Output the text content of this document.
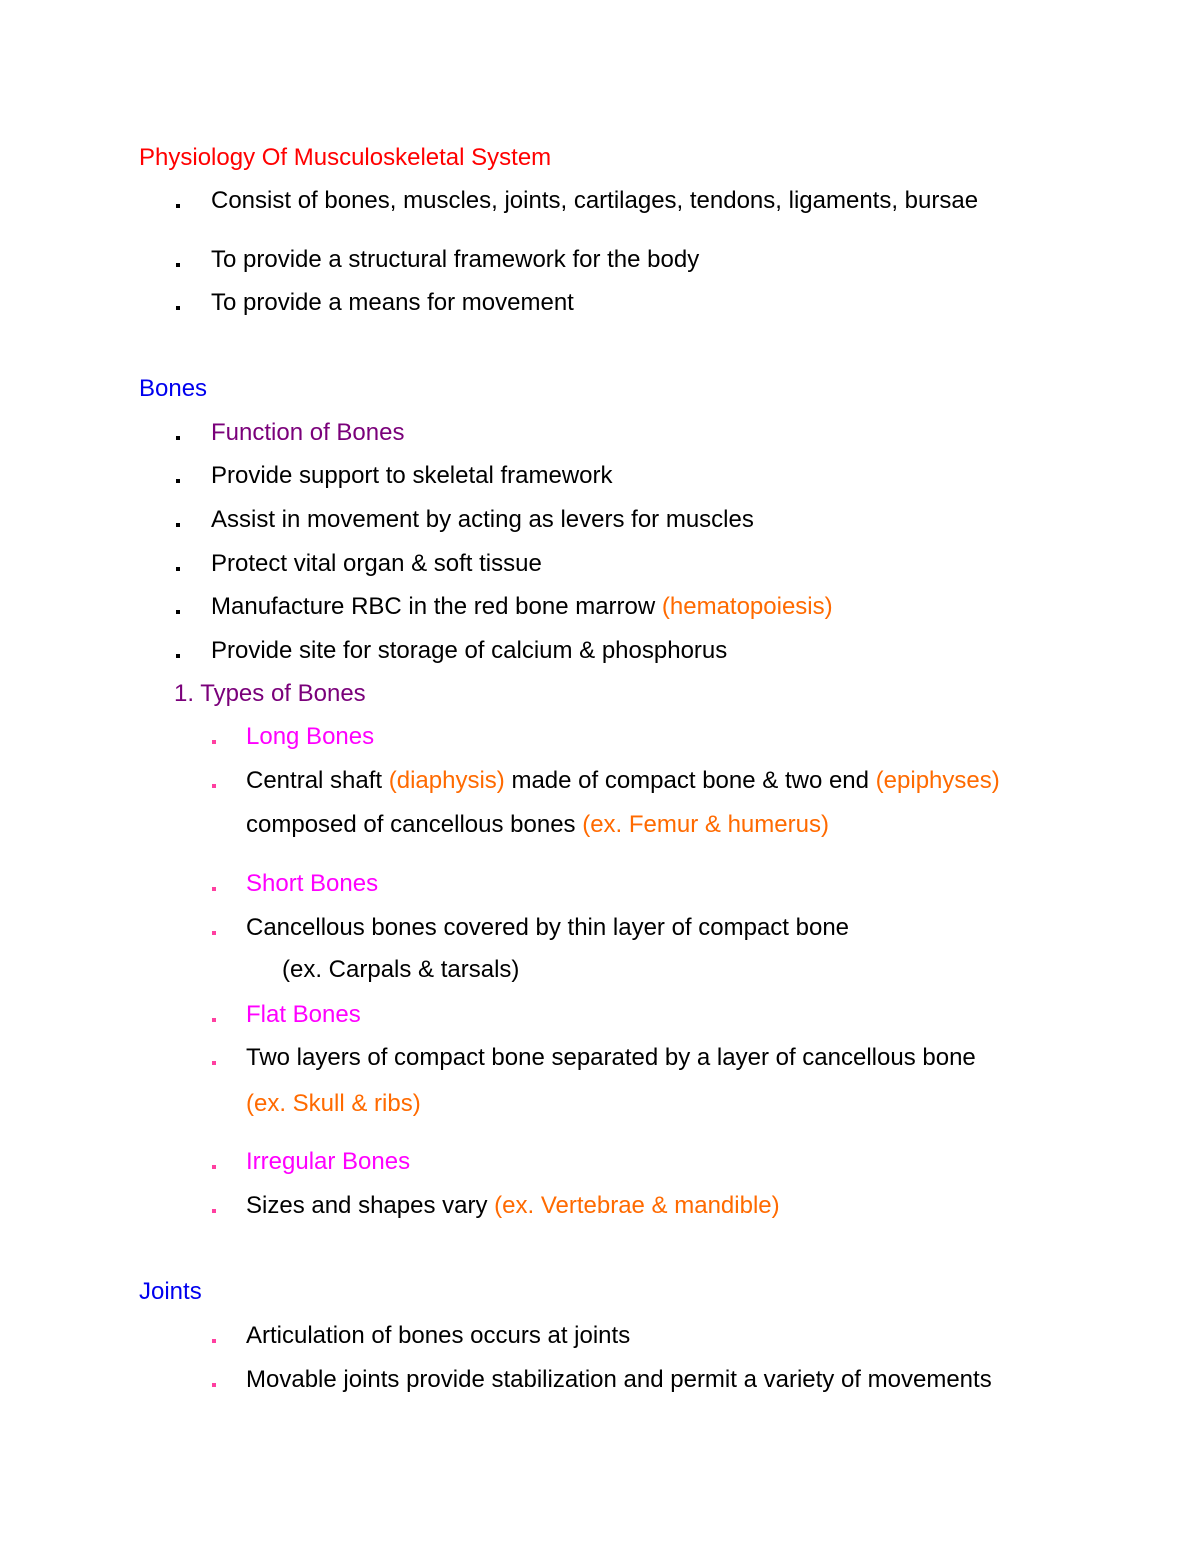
Physiology Of Musculoskeletal System
Consist of bones, muscles, joints, cartilages, tendons, ligaments, bursae
To provide a structural framework for the body
To provide a means for movement
Bones
Function of Bones
Provide support to skeletal framework
Assist in movement by acting as levers for muscles
Protect vital organ & soft tissue
Manufacture RBC in the red bone marrow (hematopoiesis)
Provide site for storage of calcium & phosphorus
1. Types of Bones
Long Bones
Central shaft (diaphysis) made of compact bone & two end (epiphyses)
composed of cancellous bones (ex. Femur & humerus)
Short Bones
Cancellous bones covered by thin layer of compact bone
(ex. Carpals & tarsals)
Flat Bones
Two layers of compact bone separated by a layer of cancellous bone
(ex. Skull & ribs)
Irregular Bones
Sizes and shapes vary (ex. Vertebrae & mandible)
Joints
Articulation of bones occurs at joints
Movable joints provide stabilization and permit a variety of movements
